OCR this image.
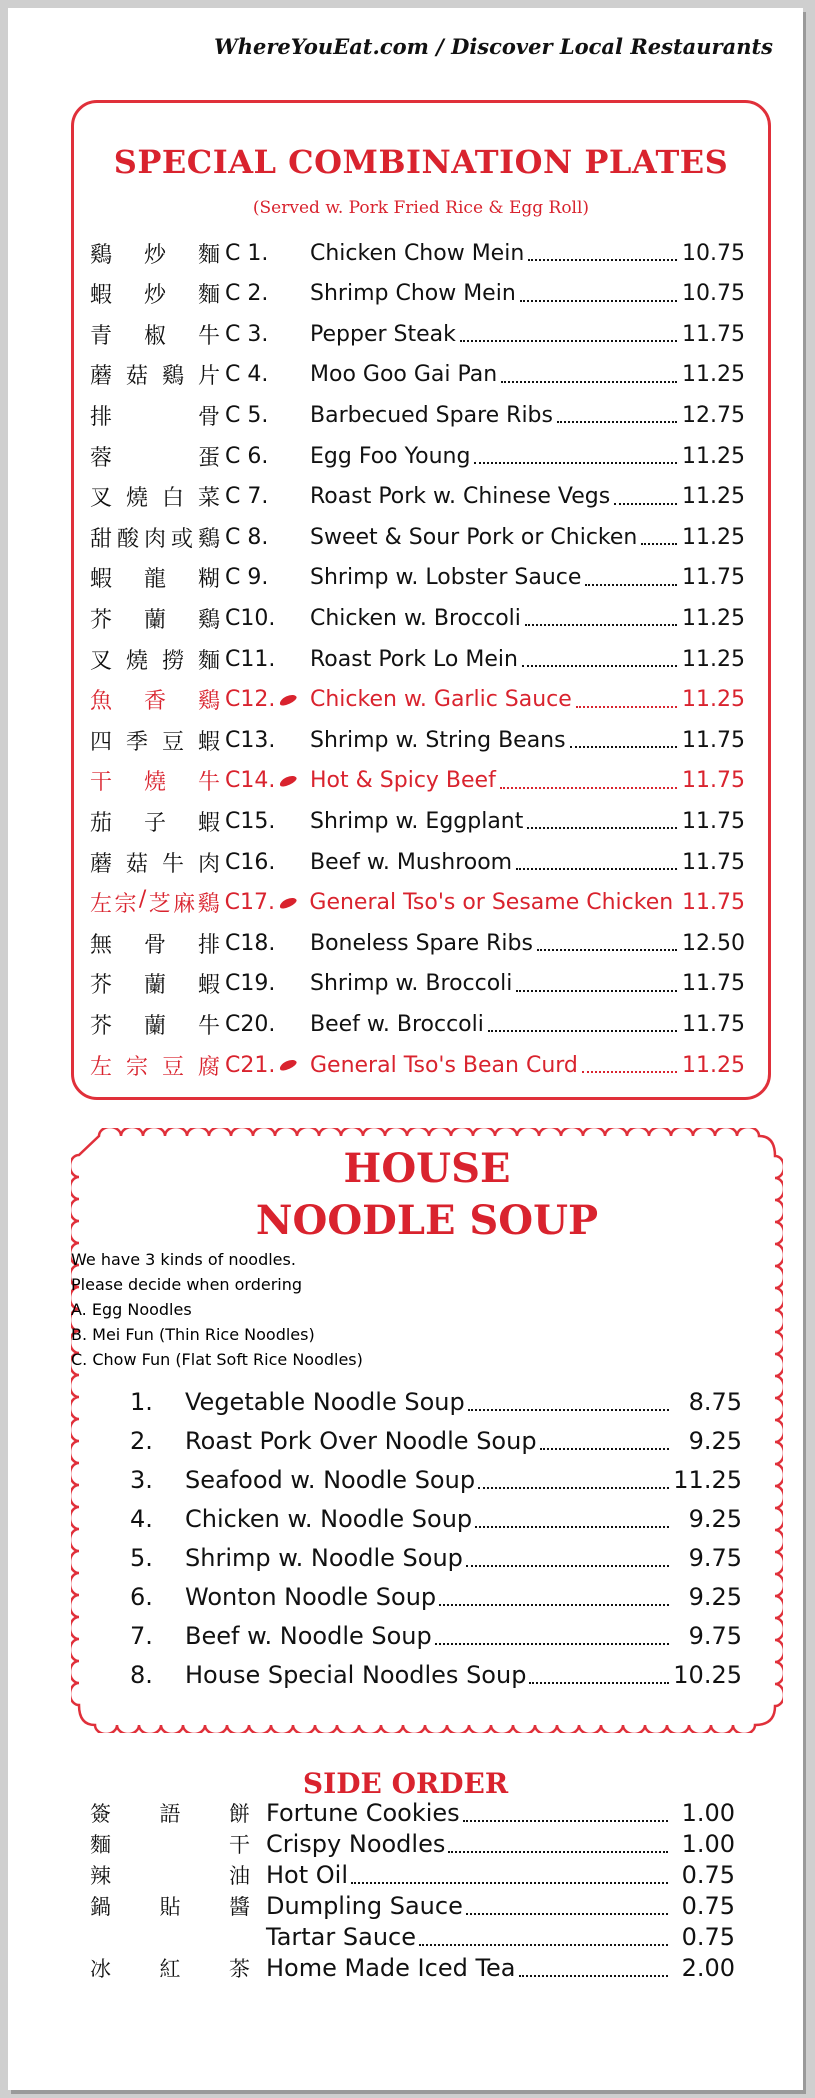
WhereYouEat.com / Discover Local Restaurants
SPECIAL COMBINATION PLATES
(Served w. Pork Fried Rice & Egg Roll)
HOUSE
NOODLE SOUP
SIDE ORDER
鷄 炒 麵 C 1. Chicken Chow Mein	10.75
蝦 炒 麵 C 2. Shrimp Chow Mein	10.75
青 椒 牛 C 3. Pepper Steak	11.75
蘑 菇 鷄 片 C 4. Moo Goo Gai Pan	11.25
排	骨 C 5. Barbecued Spare Ribs	12.75
蓉	蛋 C 6. Egg Foo Young	11.25
叉 燒 白 菜 C 7. Roast Pork w. Chinese Vegs	11.25
甜 酸 肉 或 鷄 C 8. Sweet & Sour Pork or Chicken 11.25
蝦 龍 糊 C 9. Shrimp w. Lobster Sauce	11.75
芥 蘭 鷄 C10. Chicken w. Broccoli	11.25
叉 燒 撈 麵 C11. Roast Pork Lo Mein	11.25
魚 香 鷄 C12. Chicken w. Garlic Sauce	11.25
四 季 豆 蝦 C13. Shrimp w. String Beans	11.75
干 燒 牛 C14. Hot & Spicy Beef	11.75
茄 子 蝦 C15. Shrimp w. Eggplant	11.75
蘑 菇 牛 肉 C16. Beef w. Mushroom	11.75
左 宗 / 芝 麻 鷄 C17. General Tso's or Sesame Chicken 11.75
無 骨 排 C18. Boneless Spare Ribs	12.50
芥 蘭 蝦 C19. Shrimp w. Broccoli	11.75
芥 蘭 牛 C20. Beef w. Broccoli	11.75
左 宗 豆 腐 C21. General Tso's Bean Curd	11.25
We have 3 kinds of noodles.
Please decide when ordering
A. Egg Noodles
B. Mei Fun (Thin Rice Noodles)
C. Chow Fun (Flat Soft Rice Noodles)
1.	Vegetable Noodle Soup	8.75
2.	Roast Pork Over Noodle Soup	9.25
3.	Seafood w. Noodle Soup	11.25
4.	Chicken w. Noodle Soup	9.25
5.	Shrimp w. Noodle Soup	9.75
6.	Wonton Noodle Soup	9.25
7.	Beef w. Noodle Soup	9.75
8.	House Special Noodles Soup	10.25
簽 語 餅 Fortune Cookies	1.00
麵	干 Crispy Noodles	1.00
辣	油 Hot Oil	0.75
鍋 貼 醬 Dumpling Sauce	0.75
Tartar Sauce	0.75
冰 紅 茶 Home Made Iced Tea	2.00
